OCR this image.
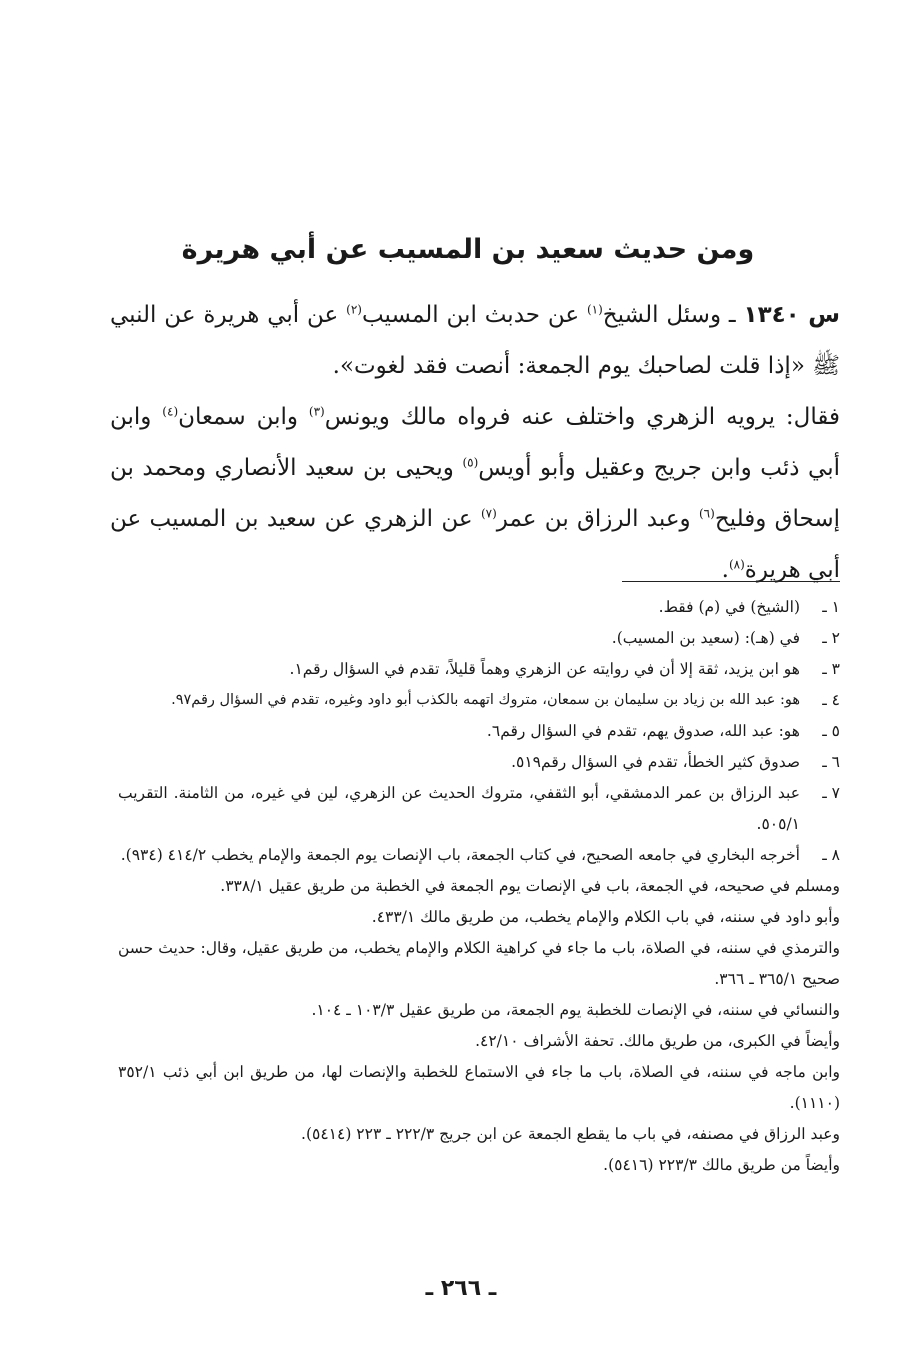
ومن حديث سعيد بن المسيب عن أبي هريرة

س ١٣٤٠ ـ وسئل الشيخ$^{(١)}$ عن حدبث ابن المسيب$^{(٢)}$ عن أبي هريرة عن النبي ﷺ «إذا قلت لصاحبك يوم الجمعة: أنصت فقد لغوت».

فقال: يرويه الزهري واختلف عنه فرواه مالك ويونس$^{(٣)}$ وابن سمعان$^{(٤)}$ وابن أبي ذئب وابن جريج وعقيل وأبو أويس$^{(٥)}$ ويحيى بن سعيد الأنصاري ومحمد بن إسحاق وفليح$^{(٦)}$ وعبد الرزاق بن عمر$^{(٧)}$ عن الزهري عن سعيد بن المسيب عن أبي هريرة$^{(٨)}$.

١ ـ
(الشيخ) في (م) فقط.
٢ ـ
في (هـ): (سعيد بن المسيب).
٣ ـ
هو ابن يزيد، ثقة إلا أن في روايته عن الزهري وهماً قليلاً، تقدم في السؤال رقم١.
٤ ـ
هو: عبد الله بن زياد بن سليمان بن سمعان، متروك اتهمه بالكذب أبو داود وغيره، تقدم في السؤال رقم٩٧.
٥ ـ
هو: عبد الله، صدوق يهم، تقدم في السؤال رقم٦.
٦ ـ
صدوق كثير الخطأ، تقدم في السؤال رقم٥١٩.
٧ ـ
عبد الرزاق بن عمر الدمشقي، أبو الثقفي، متروك الحديث عن الزهري، لين في غيره، من الثامنة. التقريب ٥٠٥/١.
٨ ـ
أخرجه البخاري في جامعه الصحيح، في كتاب الجمعة، باب الإنصات يوم الجمعة والإمام يخطب ٤١٤/٢ (٩٣٤).
ومسلم في صحيحه، في الجمعة، باب في الإنصات يوم الجمعة في الخطبة من طريق عقيل ٣٣٨/١.
وأبو داود في سننه، في باب الكلام والإمام يخطب، من طريق مالك ٤٣٣/١.
والترمذي في سننه، في الصلاة، باب ما جاء في كراهية الكلام والإمام يخطب، من طريق عقيل، وقال: حديث حسن صحيح ٣٦٥/١ ـ ٣٦٦.
والنسائي في سننه، في الإنصات للخطبة يوم الجمعة، من طريق عقيل ١٠٣/٣ ـ ١٠٤.
وأيضاً في الكبرى، من طريق مالك. تحفة الأشراف ٤٢/١٠.
وابن ماجه في سننه، في الصلاة، باب ما جاء في الاستماع للخطبة والإنصات لها، من طريق ابن أبي ذئب ٣٥٢/١ (١١١٠).
وعبد الرزاق في مصنفه، في باب ما يقطع الجمعة عن ابن جريج ٢٢٢/٣ ـ ٢٢٣ (٥٤١٤).
وأيضاً من طريق مالك ٢٢٣/٣ (٥٤١٦).
ـ ٢٦٦ ـ
